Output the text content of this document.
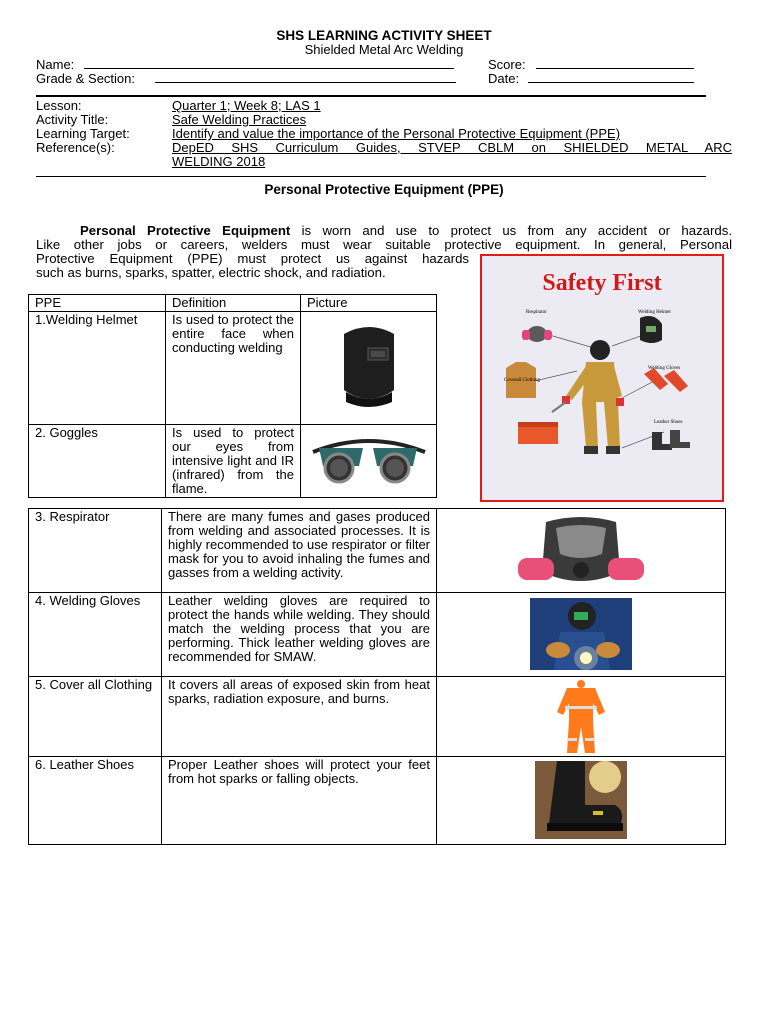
SHS LEARNING ACTIVITY SHEET
Shielded Metal Arc Welding
Name:	Score:
Grade & Section:	Date:
Lesson:	Quarter 1; Week 8; LAS 1
Activity Title:	Safe Welding Practices
Learning Target:	Identify and value the importance of the Personal Protective Equipment (PPE)
Reference(s):	DepED SHS Curriculum Guides, STVEP CBLM on SHIELDED METAL ARC
WELDING 2018
Personal Protective Equipment (PPE)
Personal Protective Equipment is worn and use to protect us from any accident or hazards.
Like other jobs or careers, welders must wear suitable protective equipment. In general, Personal
Protective Equipment (PPE) must protect us against hazards
such as burns, sparks, spatter, electric shock, and radiation.	Safety First
Respirator	Welding Helmet
Welding Gloves
Coverall Clothing
Leather Shoes
PPE	Definition	Picture
1.Welding Helmet	Is used to protect the entire face when conducting welding	

2. Goggles	Is used to protect our eyes from intensive light and IR (infrared) from the flame.	
3. Respirator	There are many fumes and gases produced from welding and associated processes. It is highly recommended to use respirator or filter mask for you to avoid inhaling the fumes and gasses from a welding activity.	

4. Welding Gloves	Leather welding gloves are required to protect the hands while welding. They should match the welding process that you are performing. Thick leather welding gloves are recommended for SMAW.	

5. Cover all Clothing	It covers all areas of exposed skin from heat sparks, radiation exposure, and burns.	

6. Leather Shoes	Proper Leather shoes will protect your feet from hot sparks or falling objects.	
